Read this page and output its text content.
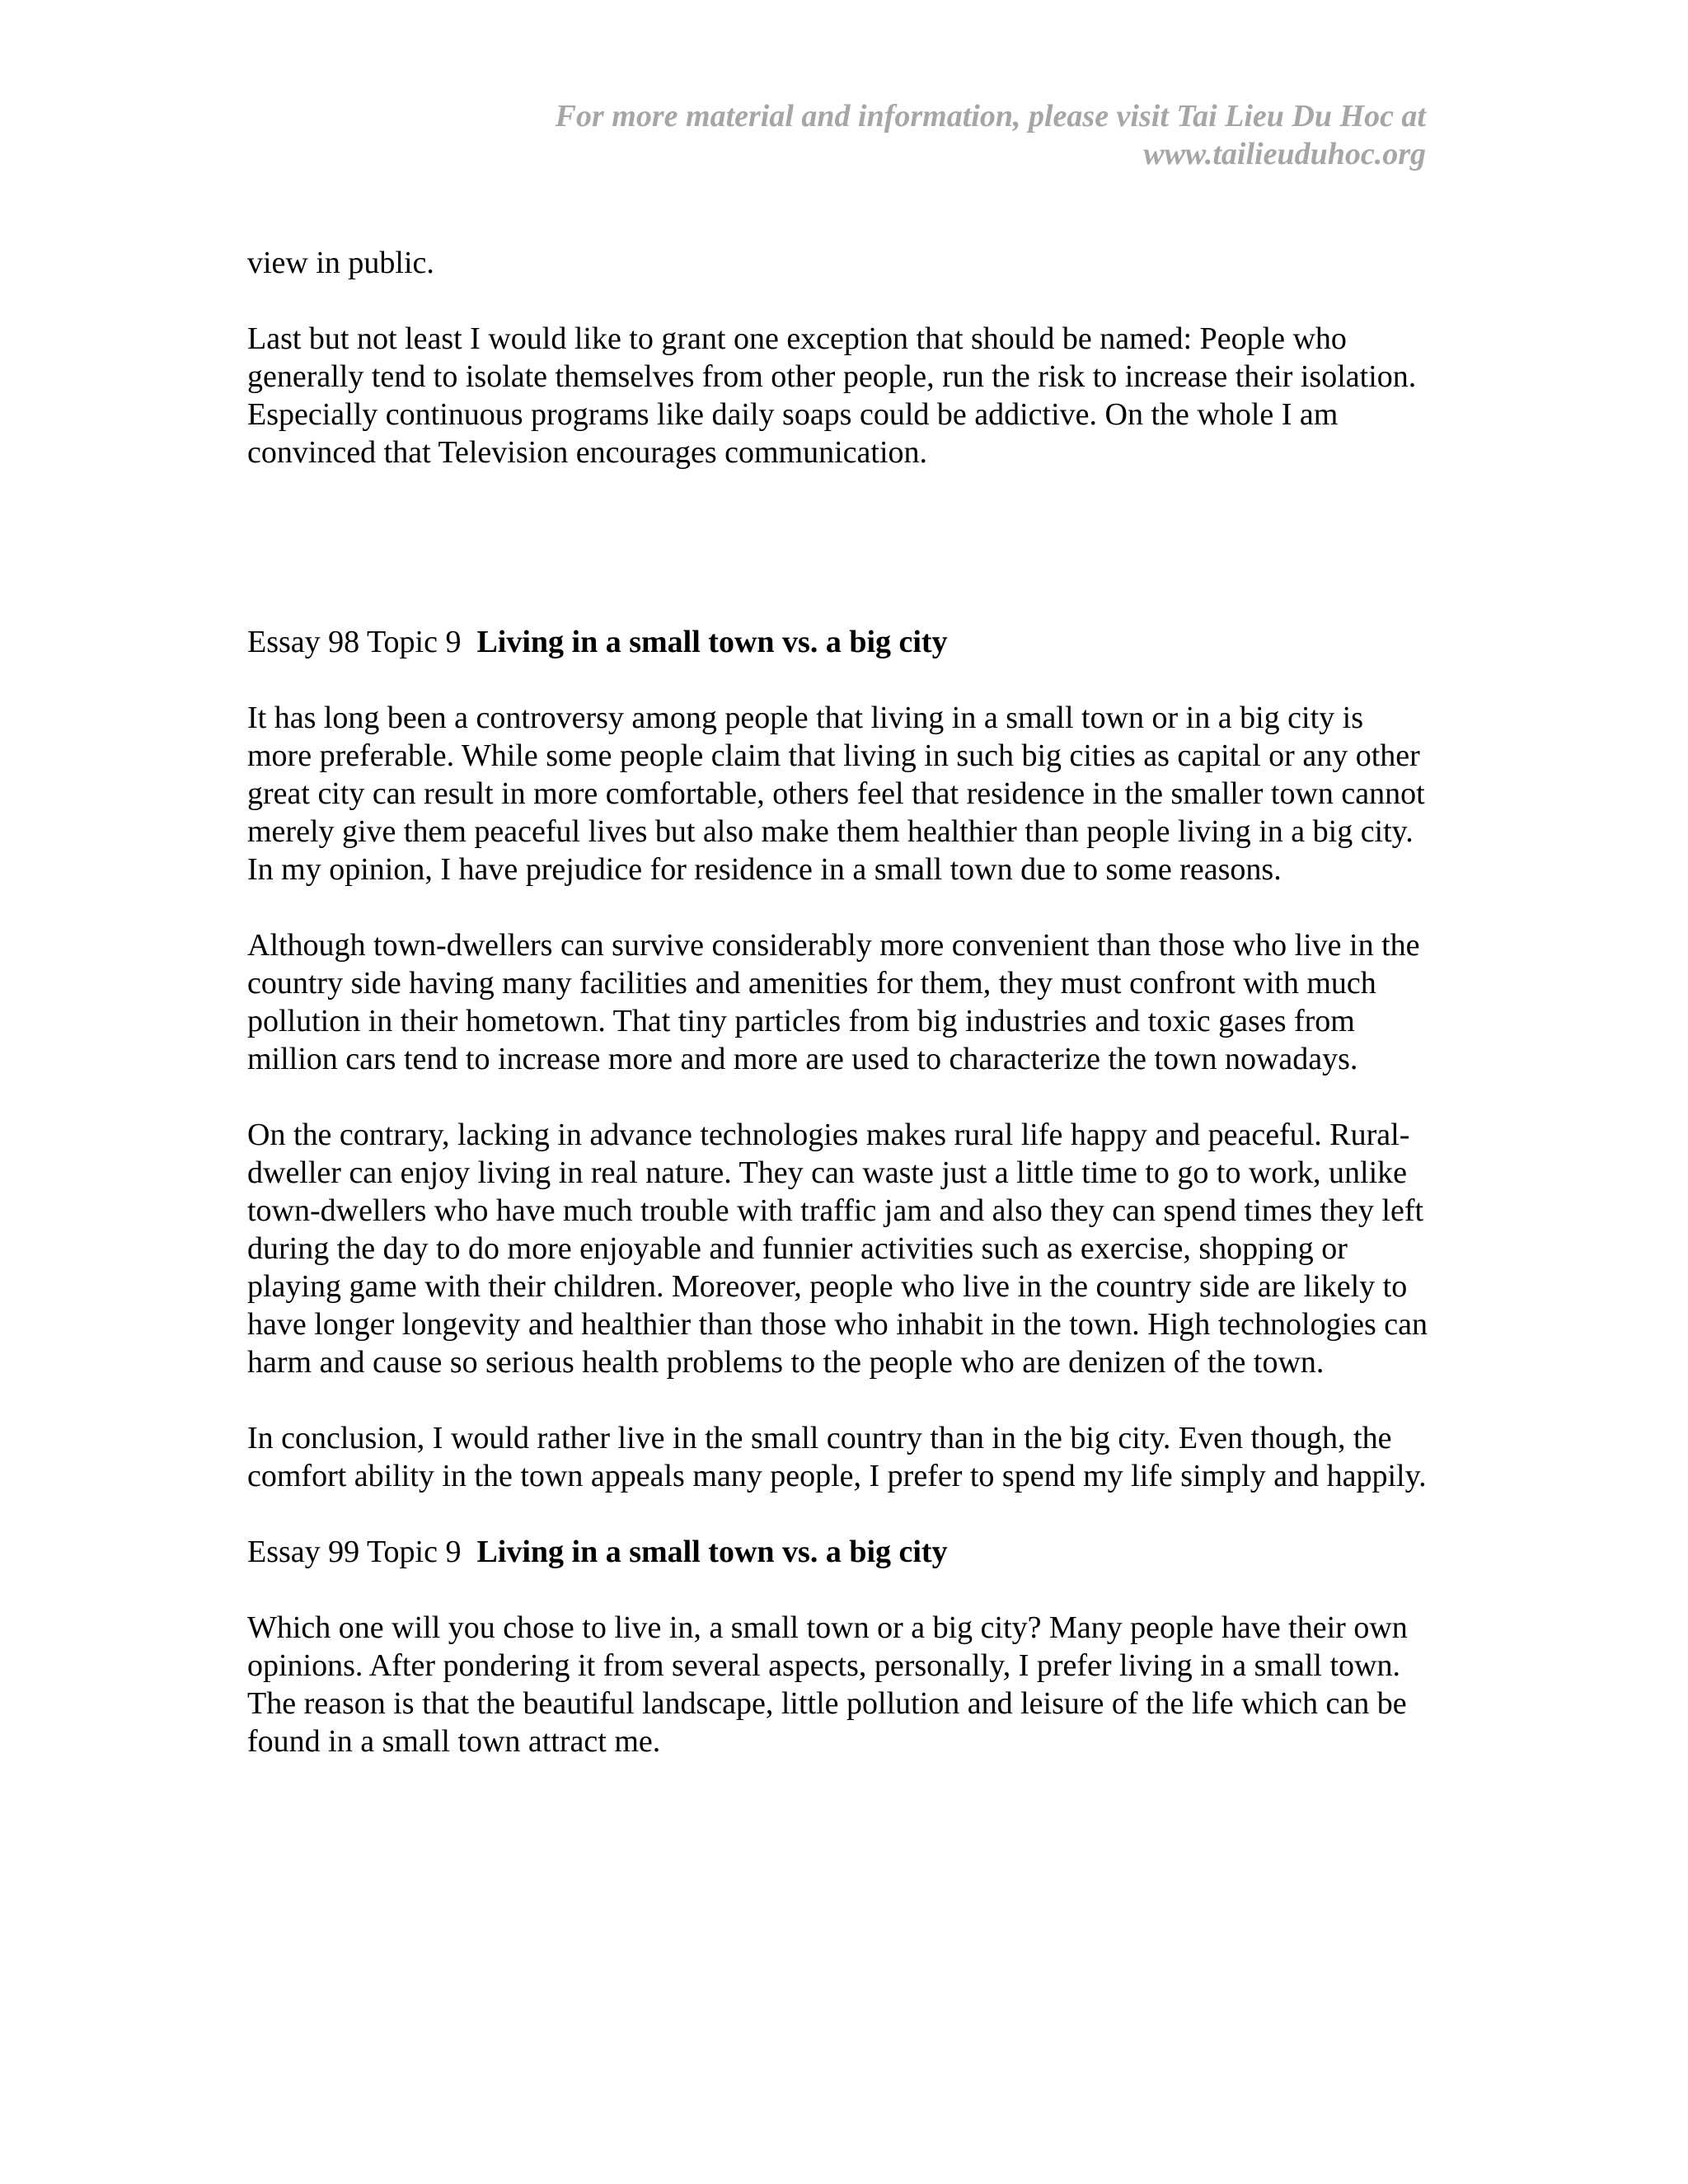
For more material and information, please visit Tai Lieu Du Hoc at
www.tailieuduhoc.org

view in public.

Last but not least I would like to grant one exception that should be named: People who generally tend to isolate themselves from other people, run the risk to increase their isolation. Especially continuous programs like daily soaps could be addictive. On the whole I am convinced that Television encourages communication.

Essay 98 Topic 9 Living in a small town vs. a big city

It has long been a controversy among people that living in a small town or in a big city is more preferable. While some people claim that living in such big cities as capital or any other great city can result in more comfortable, others feel that residence in the smaller town cannot merely give them peaceful lives but also make them healthier than people living in a big city. In my opinion, I have prejudice for residence in a small town due to some reasons.

Although town-dwellers can survive considerably more convenient than those who live in the country side having many facilities and amenities for them, they must confront with much pollution in their hometown. That tiny particles from big industries and toxic gases from million cars tend to increase more and more are used to characterize the town nowadays.

On the contrary, lacking in advance technologies makes rural life happy and peaceful. Rural-dweller can enjoy living in real nature. They can waste just a little time to go to work, unlike town-dwellers who have much trouble with traffic jam and also they can spend times they left during the day to do more enjoyable and funnier activities such as exercise, shopping or playing game with their children. Moreover, people who live in the country side are likely to have longer longevity and healthier than those who inhabit in the town. High technologies can harm and cause so serious health problems to the people who are denizen of the town.

In conclusion, I would rather live in the small country than in the big city. Even though, the comfort ability in the town appeals many people, I prefer to spend my life simply and happily.

Essay 99 Topic 9 Living in a small town vs. a big city

Which one will you chose to live in, a small town or a big city? Many people have their own opinions. After pondering it from several aspects, personally, I prefer living in a small town. The reason is that the beautiful landscape, little pollution and leisure of the life which can be found in a small town attract me.
